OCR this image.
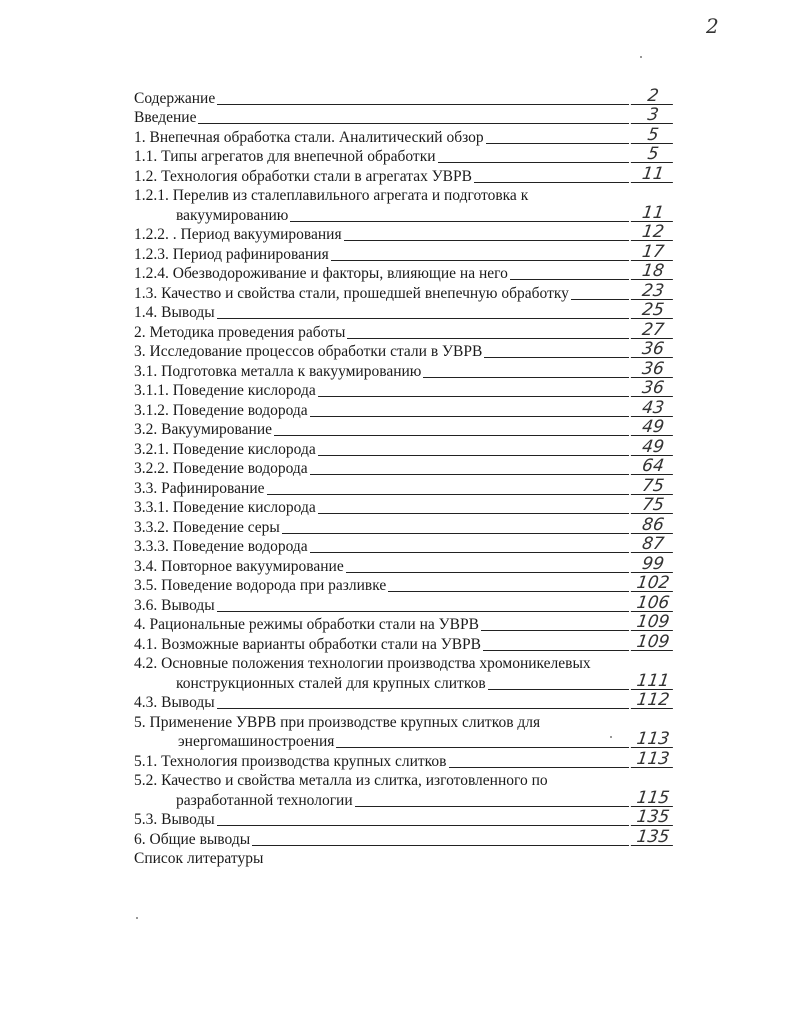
2
Содержание	2
Введение	3
1. Внепечная обработка стали. Аналитический обзор	5
1.1. Типы агрегатов для внепечной обработки	5
1.2. Технология обработки стали в агрегатах УВРВ	11
1.2.1. Перелив из сталеплавильного агрегата и подготовка к
вакуумированию	11
1.2.2. . Период вакуумирования	12
1.2.3. Период рафинирования	17
1.2.4. Обезводороживание и факторы, влияющие на него	18
1.3. Качество и свойства стали, прошедшей внепечную обработку	23
1.4. Выводы	25
2. Методика проведения работы	27
3. Исследование процессов обработки стали в УВРВ	36
3.1. Подготовка металла к вакуумированию	36
3.1.1. Поведение кислорода	36
3.1.2. Поведение водорода	43
3.2. Вакуумирование	49
3.2.1. Поведение кислорода	49
3.2.2. Поведение водорода	64
3.3. Рафинирование	75
3.3.1. Поведение кислорода	75
3.3.2. Поведение серы	86
3.3.3. Поведение водорода	87
3.4. Повторное вакуумирование	99
3.5. Поведение водорода при разливке	102
3.6. Выводы	106
4. Рациональные режимы обработки стали на УВРВ	109
4.1. Возможные варианты обработки стали на УВРВ	109
4.2. Основные положения технологии производства хромоникелевых
конструкционных сталей для крупных слитков	111
4.3. Выводы	112
5. Применение УВРВ при производстве крупных слитков для
энергомашиностроения	113
5.1. Технология производства крупных слитков	113
5.2. Качество и свойства металла из слитка, изготовленного по
разработанной технологии	115
5.3. Выводы	135
6. Общие выводы	135
Список литературы
